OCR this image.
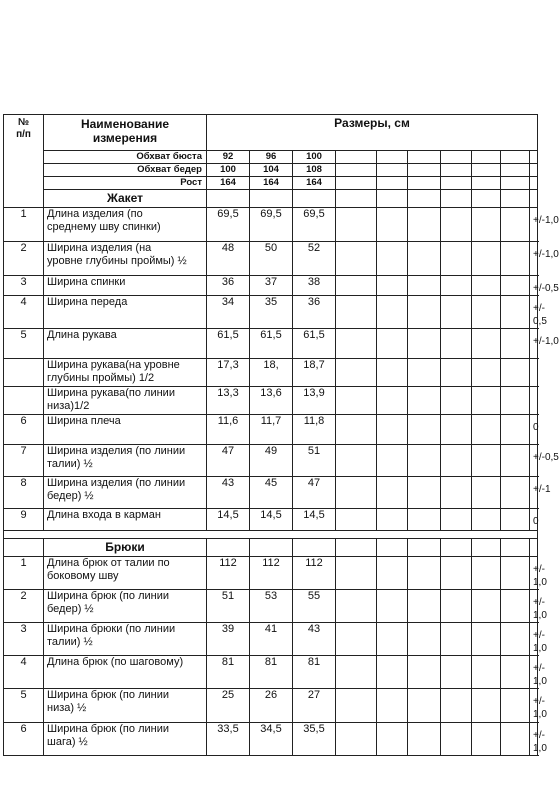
№
п/п	Наименование
измерения	Размеры, см	

	Обхват бюста	92	96	100								
	Обхват бедер	100	104	108								
	Рост	164	164	164								
	Жакет											
1	Длина изделия (по
среднему шву спинки)	69,5	69,5	69,5							+/-1,0	
2	Ширина изделия (на
уровне глубины проймы) ½	48	50	52							+/-1,0	
3	Ширина спинки	36	37	38							+/-0,5	
4	Ширина переда	34	35	36							+/-
0,5	
5	Длина рукава	61,5	61,5	61,5							+/-1,0	
	Ширина рукава(на уровне
глубины проймы) 1/2	17,3	18,	18,7								
	Ширина рукава(по линии
низа)1/2	13,3	13,6	13,9								
6	Ширина плеча	11,6	11,7	11,8							0	
7	Ширина изделия (по линии
талии) ½	47	49	51							+/-0,5	
8	Ширина изделия (по линии
бедер) ½	43	45	47							+/-1	
9	Длина входа в карман	14,5	14,5	14,5							0	

	Брюки											
1	Длина брюк от талии по
боковому шву	112	112	112							+/-
1,0	
2	Ширина брюк (по линии
бедер) ½	51	53	55							+/-
1,0	
3	Ширина брюки (по линии
талии) ½	39	41	43							+/-
1,0	
4	Длина брюк (по шаговому)	81	81	81							+/-
1,0	
5	Ширина брюк (по линии
низа) ½	25	26	27							+/-
1,0	
6	Ширина брюк (по линии
шага) ½	33,5	34,5	35,5							+/-
1,0	
